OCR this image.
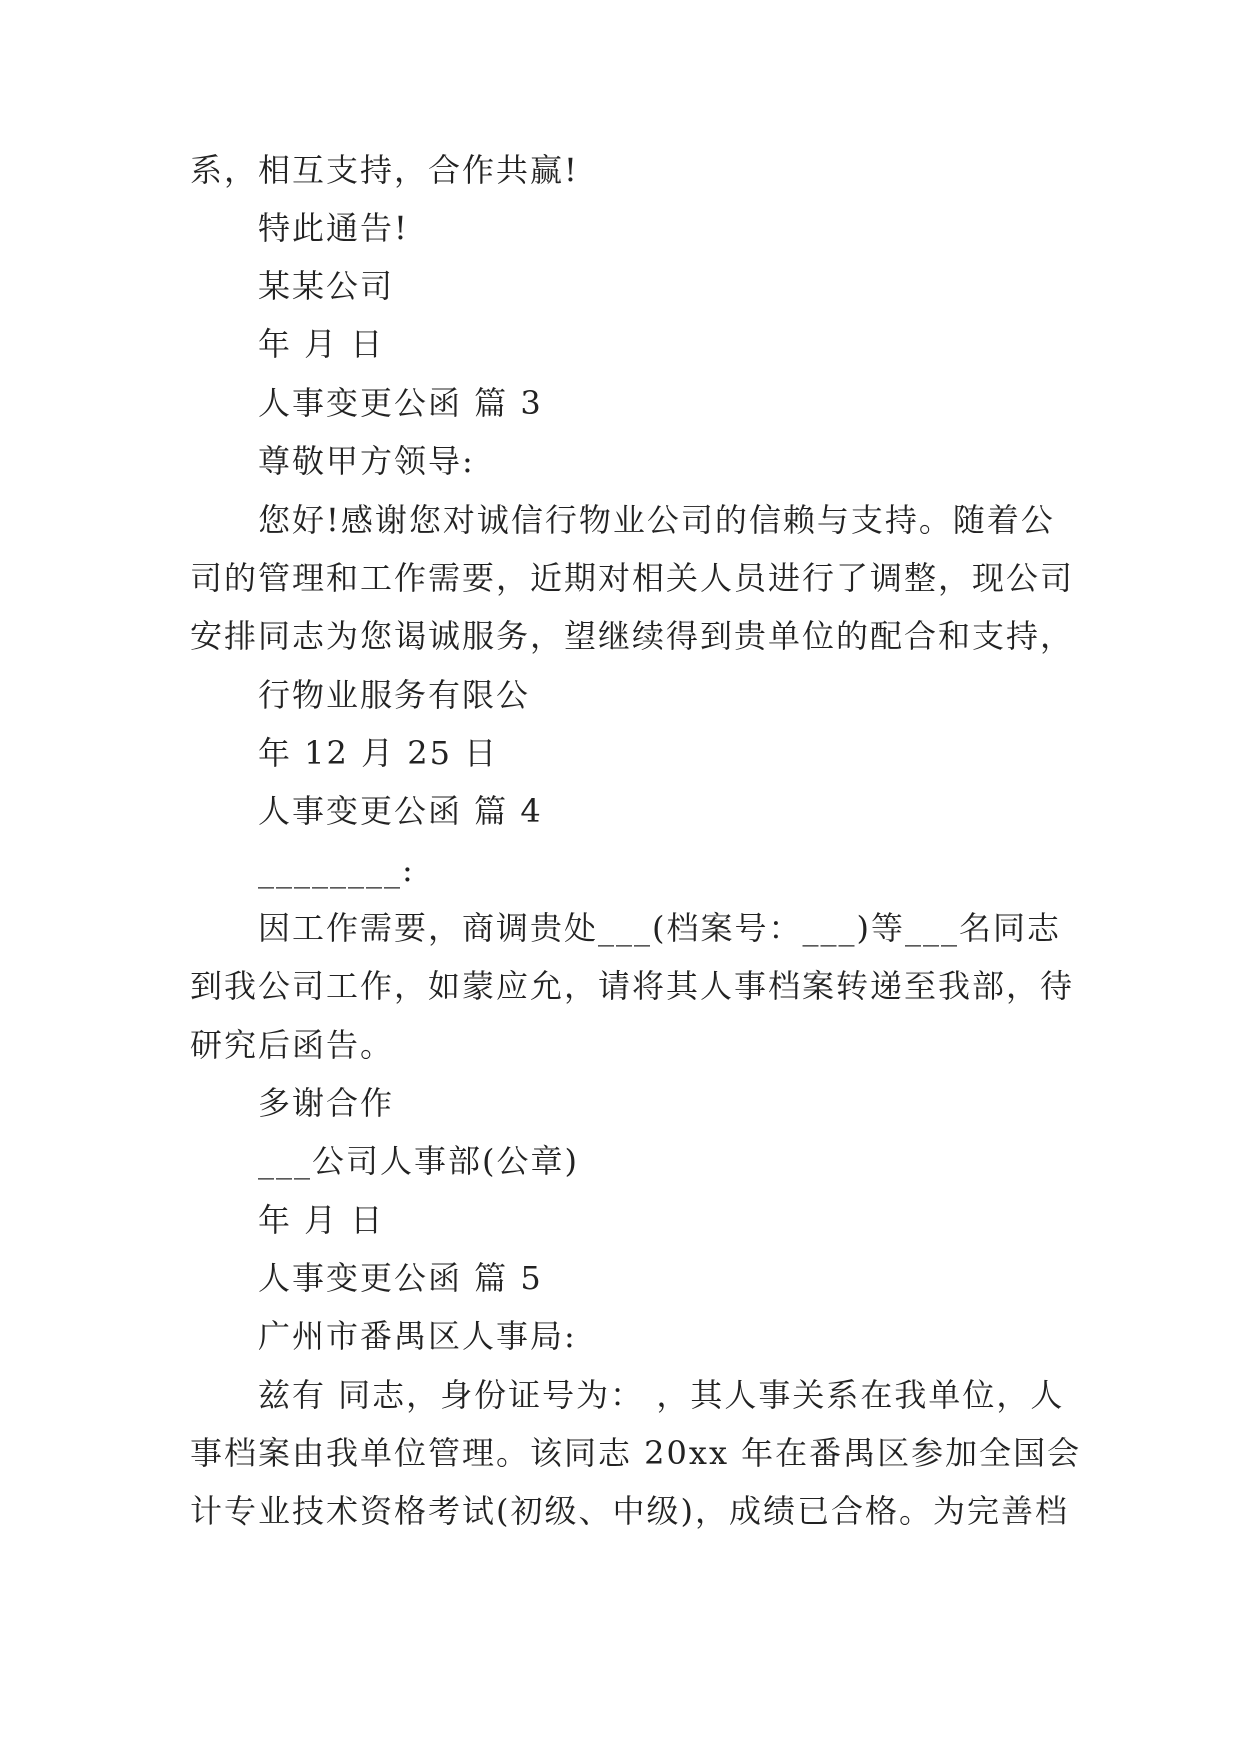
系，相互支持，合作共赢!
特此通告!
某某公司
年 月 日
人事变更公函 篇 3
尊敬甲方领导:
您好!感谢您对诚信行物业公司的信赖与支持。随着公
司的管理和工作需要，近期对相关人员进行了调整，现公司
安排同志为您谒诚服务，望继续得到贵单位的配合和支持，
行物业服务有限公
年 12 月 25 日
人事变更公函 篇 4
________:
因工作需要，商调贵处___(档案号：___)等___名同志
到我公司工作，如蒙应允，请将其人事档案转递至我部，待
研究后函告。
多谢合作
___公司人事部(公章)
年 月 日
人事变更公函 篇 5
广州市番禺区人事局:
兹有 同志，身份证号为： ，其人事关系在我单位，人
事档案由我单位管理。该同志 20xx 年在番禺区参加全国会
计专业技术资格考试(初级、中级)，成绩已合格。为完善档
